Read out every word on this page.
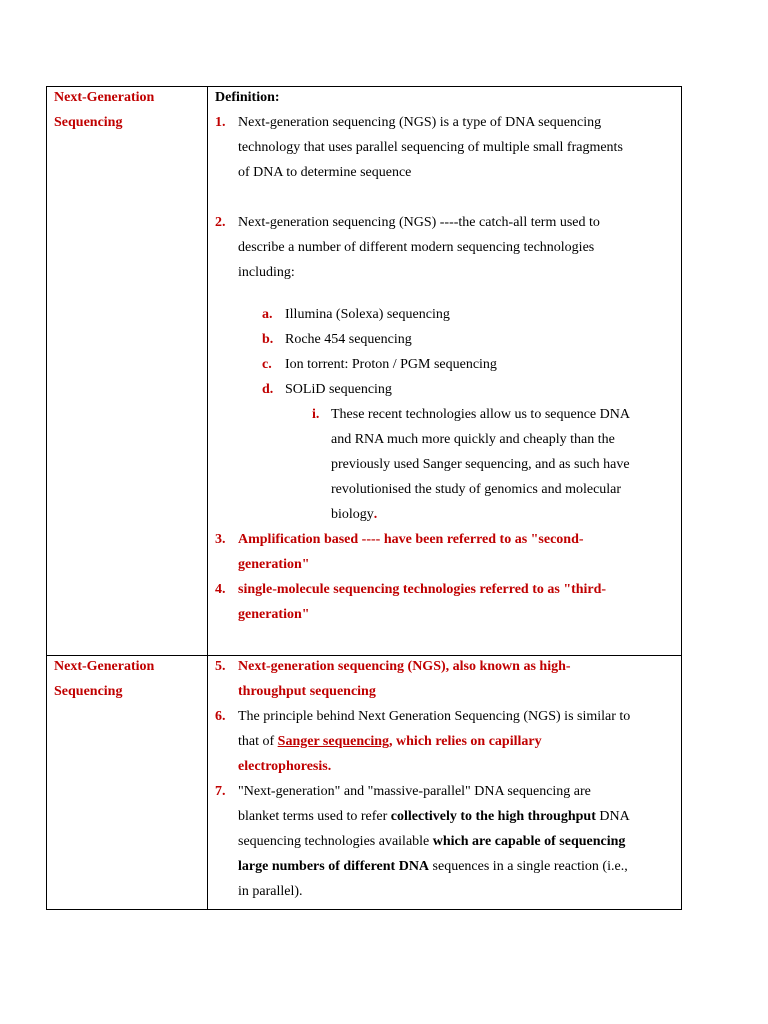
Next-Generation
Sequencing
Definition:
1. Next-generation sequencing (NGS) is a type of DNA sequencing
technology that uses parallel sequencing of multiple small fragments
of DNA to determine sequence
2. Next-generation sequencing (NGS) ----the catch-all term used to
describe a number of different modern sequencing technologies
including:
a. Illumina (Solexa) sequencing
b. Roche 454 sequencing
c. Ion torrent: Proton / PGM sequencing
d. SOLiD sequencing
i. These recent technologies allow us to sequence DNA
and RNA much more quickly and cheaply than the
previously used Sanger sequencing, and as such have
revolutionised the study of genomics and molecular
biology.
3. Amplification based ---- have been referred to as "second-
generation"
4. single-molecule sequencing technologies referred to as "third-
generation"
Next-Generation
Sequencing
5. Next-generation sequencing (NGS), also known as high-
throughput sequencing
6. The principle behind Next Generation Sequencing (NGS) is similar to
that of Sanger sequencing, which relies on capillary
electrophoresis.
7. "Next-generation" and "massive-parallel" DNA sequencing are
blanket terms used to refer collectively to the high throughput DNA
sequencing technologies available which are capable of sequencing
large numbers of different DNA sequences in a single reaction (i.e.,
in parallel).
